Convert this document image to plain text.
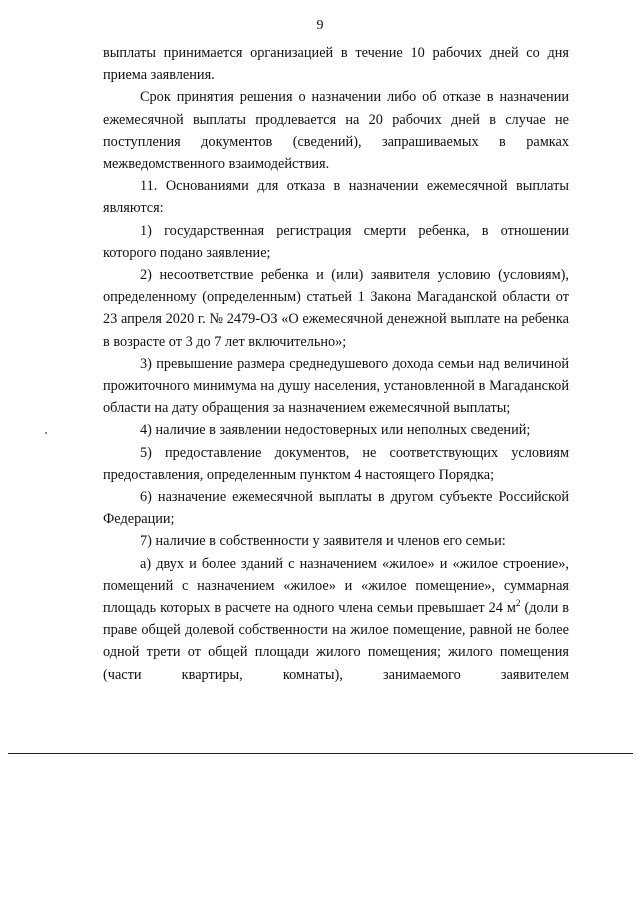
9

выплаты принимается организацией в течение 10 рабочих дней со дня приема заявления.

Срок принятия решения о назначении либо об отказе в назначении ежемесячной выплаты продлевается на 20 рабочих дней в случае не поступления документов (сведений), запрашиваемых в рамках межведомственного взаимодействия.

11. Основаниями для отказа в назначении ежемесячной выплаты являются:

1) государственная регистрация смерти ребенка, в отношении которого подано заявление;

2) несоответствие ребенка и (или) заявителя условию (условиям), определенному (определенным) статьей 1 Закона Магаданской области от 23 апреля 2020 г. № 2479-ОЗ «О ежемесячной денежной выплате на ребенка в возрасте от 3 до 7 лет включительно»;

3) превышение размера среднедушевого дохода семьи над величиной прожиточного минимума на душу населения, установленной в Магаданской области на дату обращения за назначением ежемесячной выплаты;

4) наличие в заявлении недостоверных или неполных сведений;

5) предоставление документов, не соответствующих условиям предоставления, определенным пунктом 4 настоящего Порядка;

6) назначение ежемесячной выплаты в другом субъекте Российской Федерации;

7) наличие в собственности у заявителя и членов его семьи:

а) двух и более зданий с назначением «жилое» и «жилое строение», помещений с назначением «жилое» и «жилое помещение», суммарная площадь которых в расчете на одного члена семьи превышает 24 $м^2$ (доли в праве общей долевой собственности на жилое помещение, равной не более одной трети от общей площади жилого помещения; жилого помещения (части квартиры, комнаты), занимаемого заявителем
